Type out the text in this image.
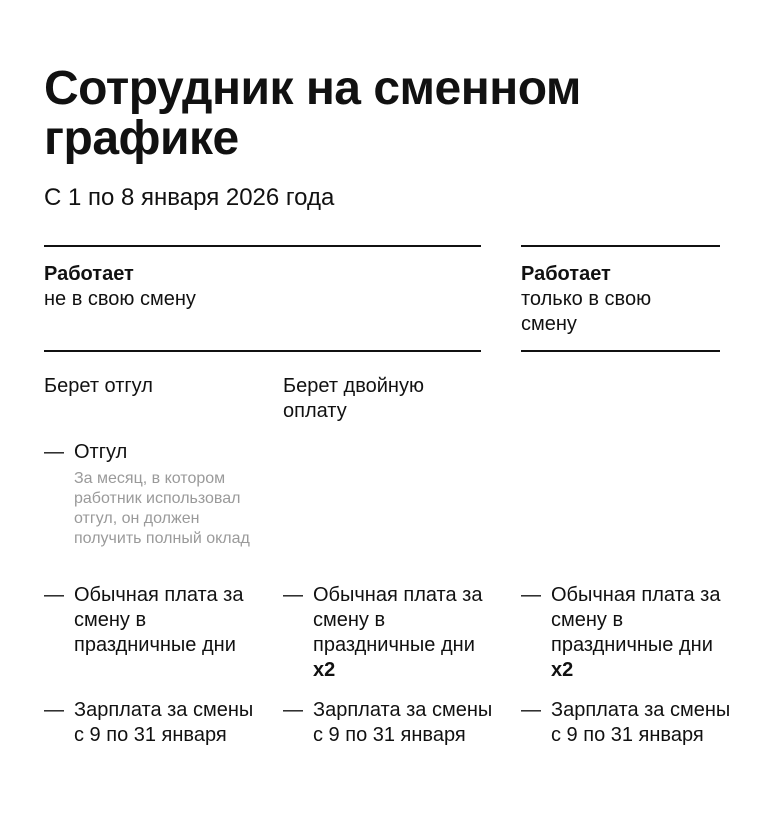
Сотрудник на сменном графике
С 1 по 8 января 2026 года
Работает
не в свою смену
Работает
только в свою смену
Берет отгул	Берет двойную оплату
— Отгул
За месяц, в котором работник использовал отгул, он должен получить полный оклад
— Обычная плата за смену в праздничные дни
— Обычная плата за смену в праздничные дни x2
— Обычная плата за смену в праздничные дни x2
— Зарплата за смены с 9 по 31 января
— Зарплата за смены с 9 по 31 января
— Зарплата за смены с 9 по 31 января
